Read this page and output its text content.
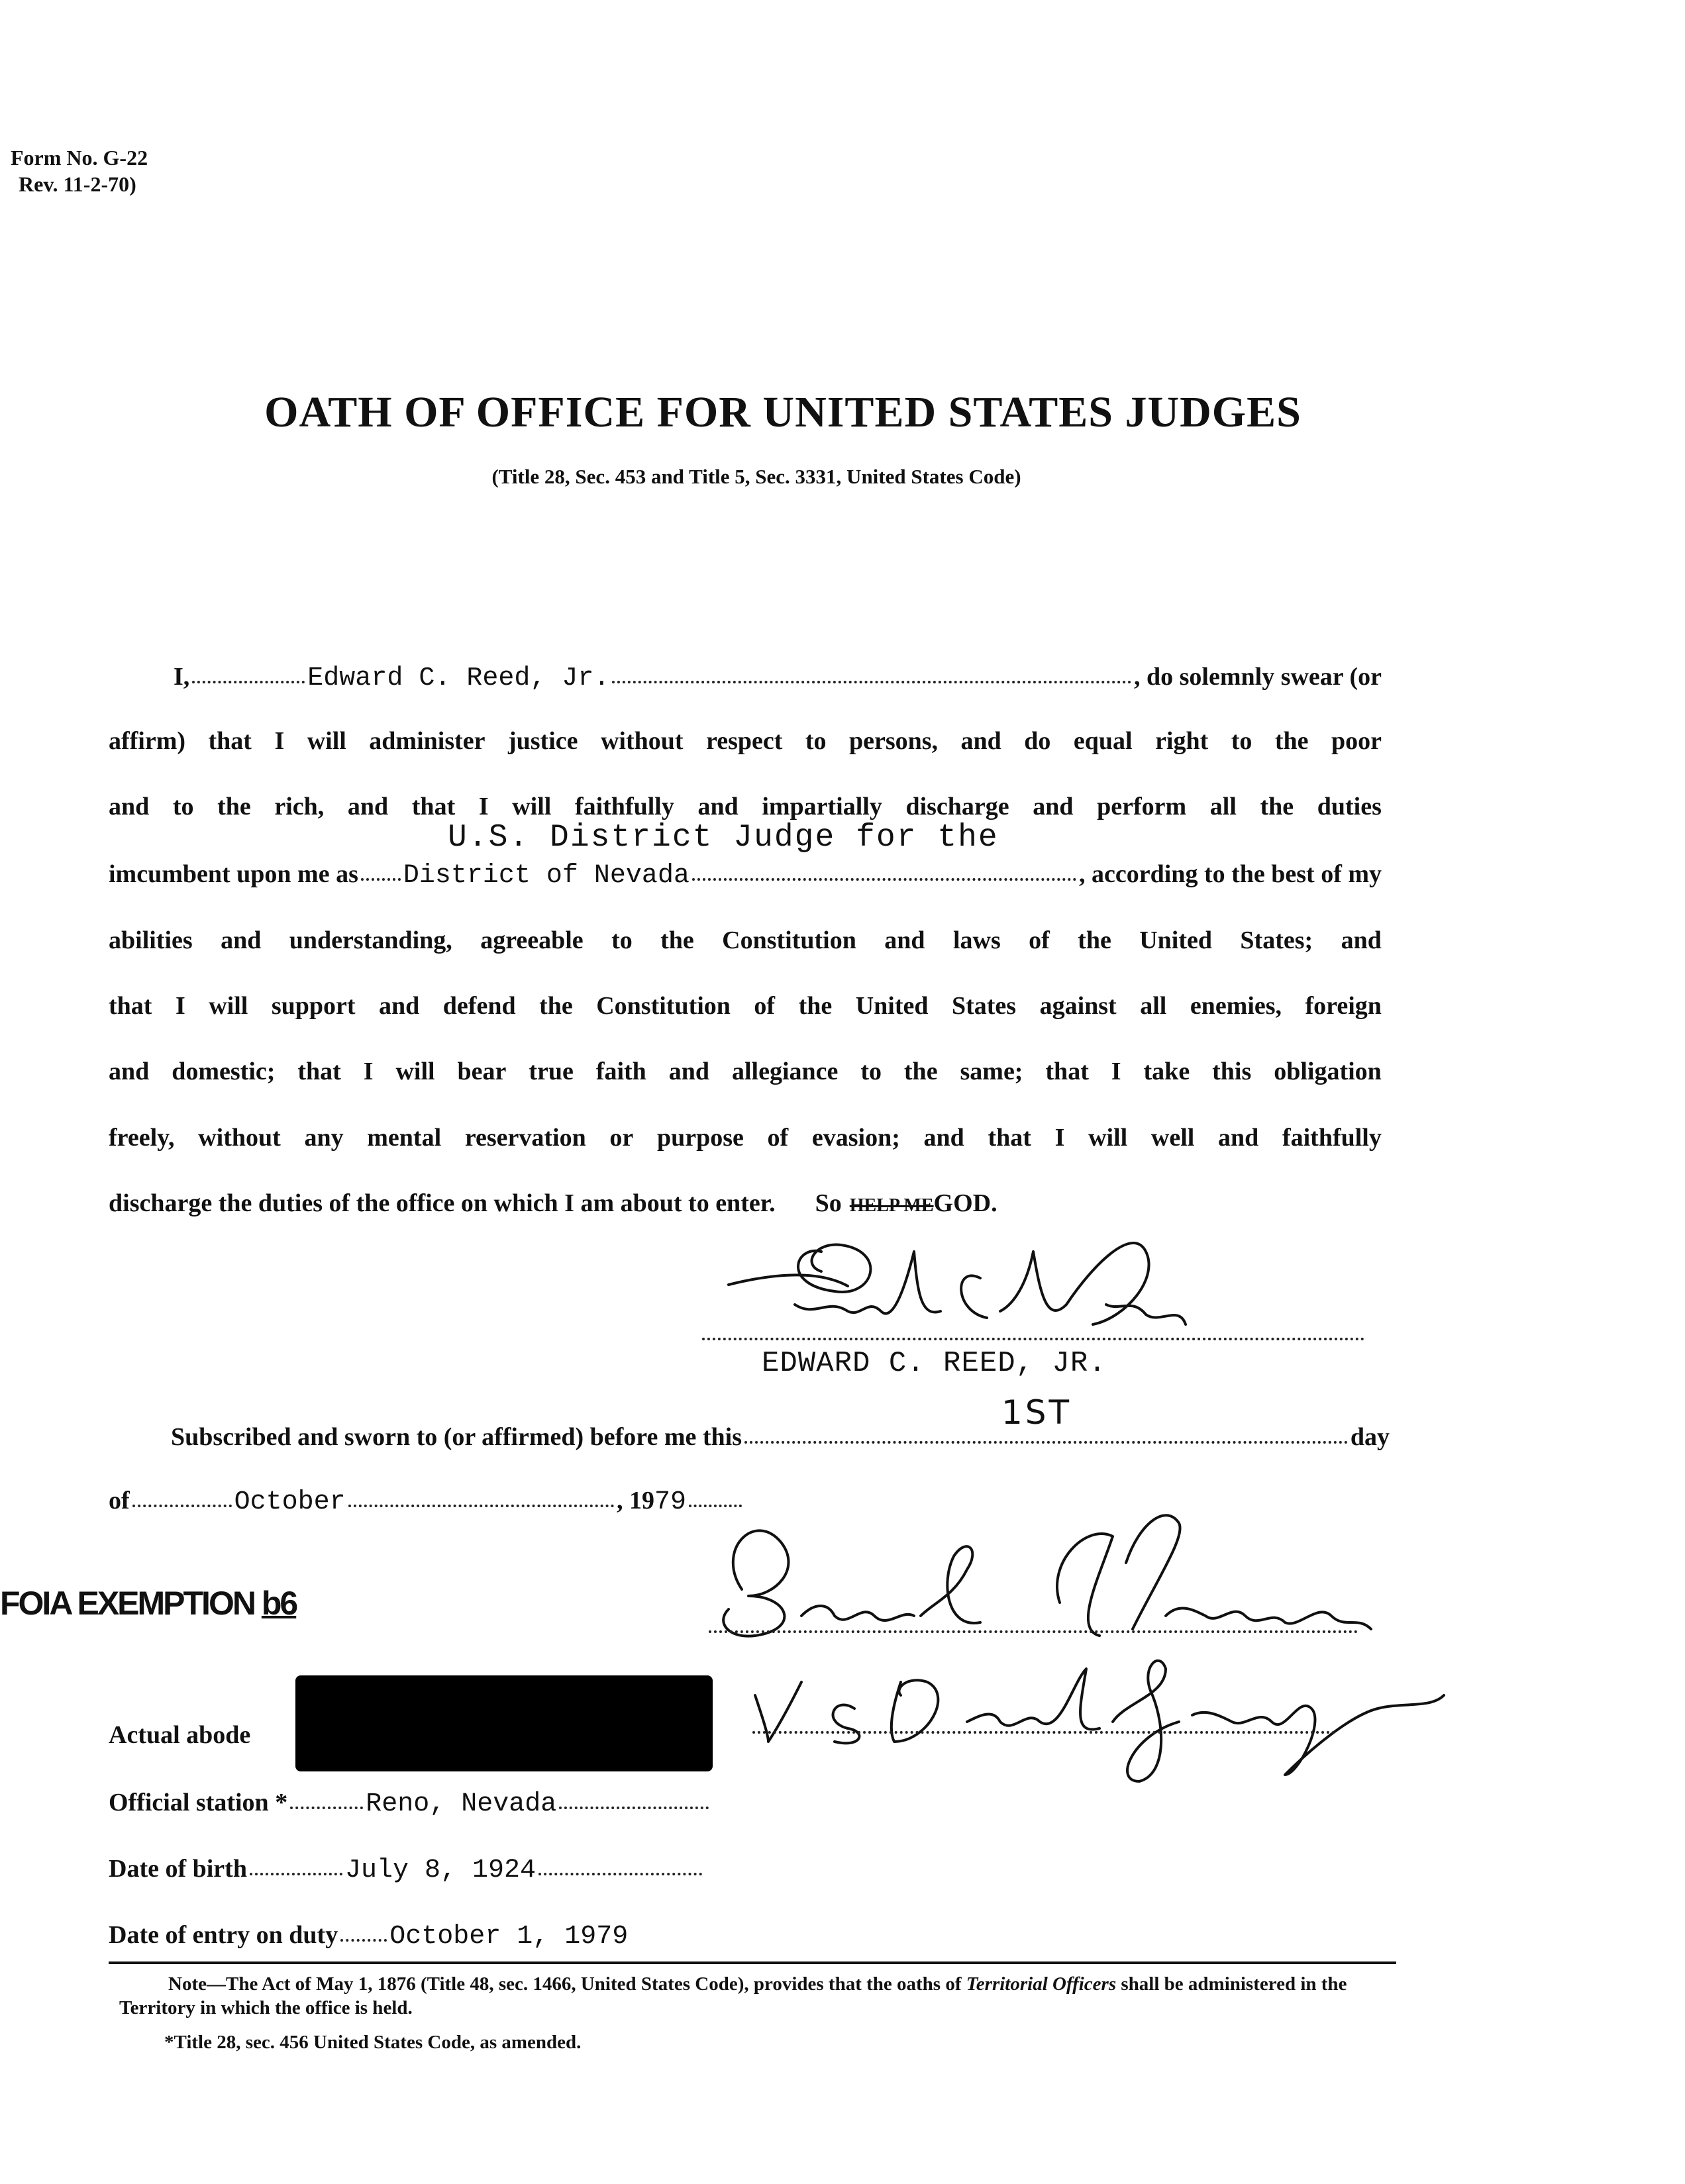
Form No. G-22
Rev. 11-2-70)
OATH OF OFFICE FOR UNITED STATES JUDGES
(Title 28, Sec. 453 and Title 5, Sec. 3331, United States Code)
I,	Edward C. Reed, Jr.	, do solemnly swear (or
affirm) that I will administer justice without respect to persons, and do equal right to the poor
and to the rich, and that I will faithfully and impartially discharge and perform all the duties
U.S. District Judge for the
imcumbent upon me as District of Nevada	, according to the best of my
abilities and understanding, agreeable to the Constitution and laws of the United States; and
that I will support and defend the Constitution of the United States against all enemies, foreign
and domestic; that I will bear true faith and allegiance to the same; that I take this obligation
freely, without any mental reservation or purpose of evasion; and that I will well and faithfully
discharge the duties of the office on which I am about to enter. So HELP ME GOD.
EDWARD C. REED, JR.
Subscribed and sworn to (or affirmed) before me this	day
1ST
of	October	, 19 79
FOIA EXEMPTION b6
Actual abode
Official station *	Reno, Nevada
Date of birth	July 8, 1924
Date of entry on duty October 1, 1979
Note—The Act of May 1, 1876 (Title 48, sec. 1466, United States Code), provides that the oaths of Territorial Officers shall be administered in the Territory in which the office is held.
*Title 28, sec. 456 United States Code, as amended.
